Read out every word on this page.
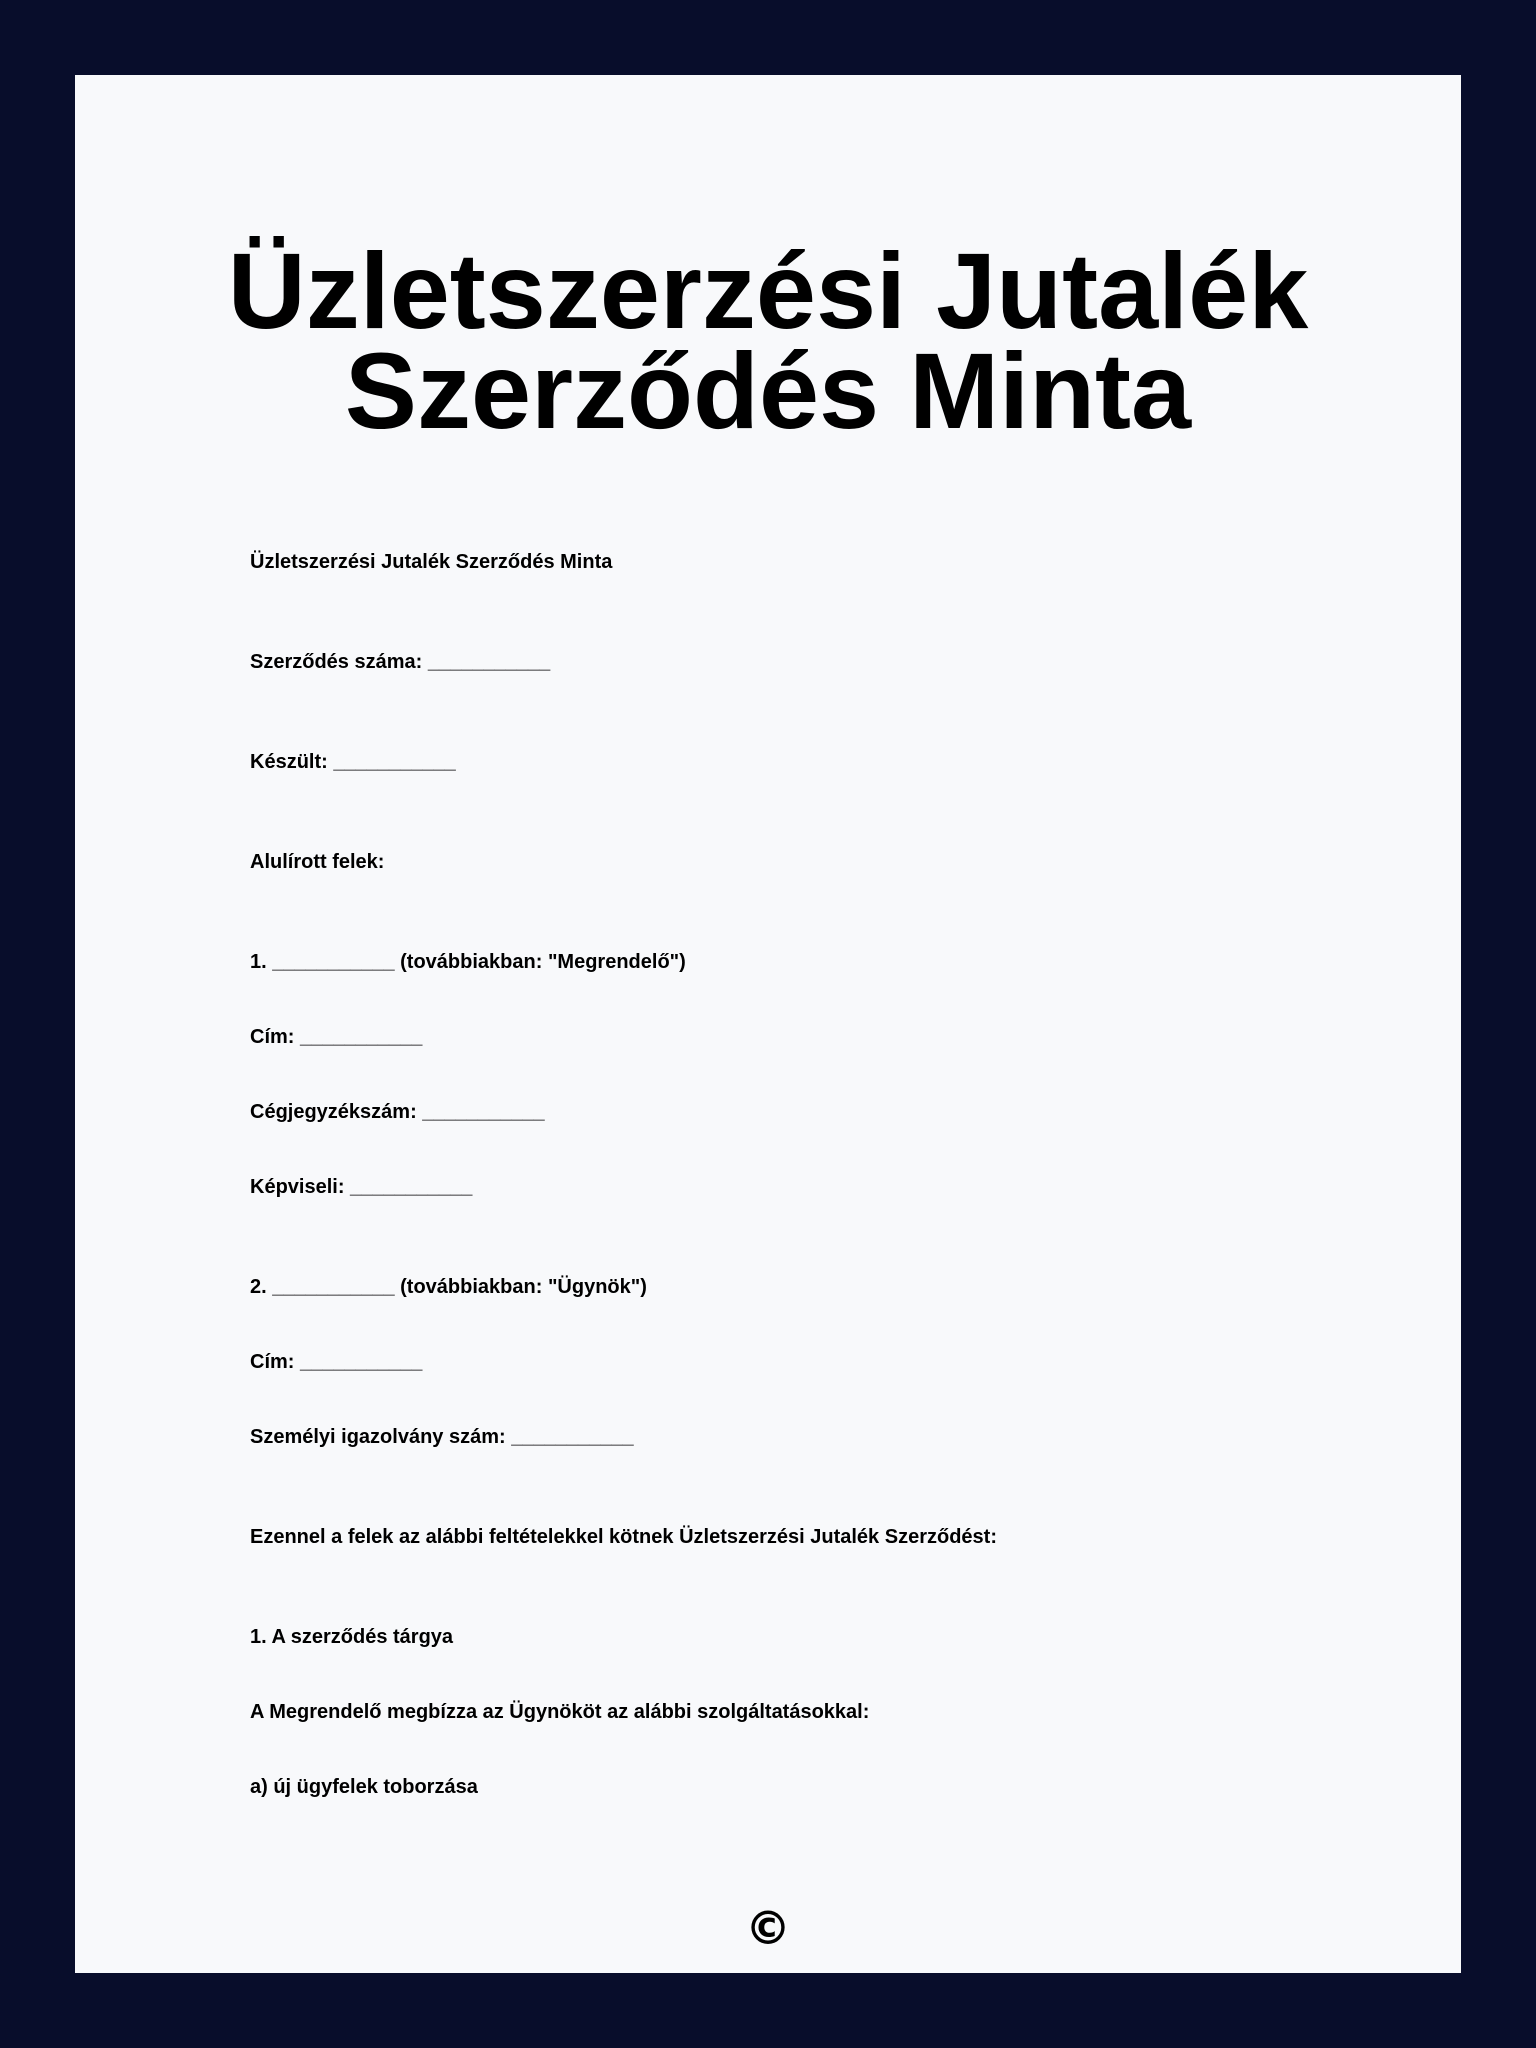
Üzletszerzési Jutalék
Szerződés Minta
Üzletszerzési Jutalék Szerződés Minta
Szerződés száma: ___________
Készült: ___________
Alulírott felek:
1. ___________ (továbbiakban: "Megrendelő")
Cím: ___________
Cégjegyzékszám: ___________
Képviseli: ___________
2. ___________ (továbbiakban: "Ügynök")
Cím: ___________
Személyi igazolvány szám: ___________
Ezennel a felek az alábbi feltételekkel kötnek Üzletszerzési Jutalék Szerződést:
1. A szerződés tárgya
A Megrendelő megbízza az Ügynököt az alábbi szolgáltatásokkal:
a) új ügyfelek toborzása
©
